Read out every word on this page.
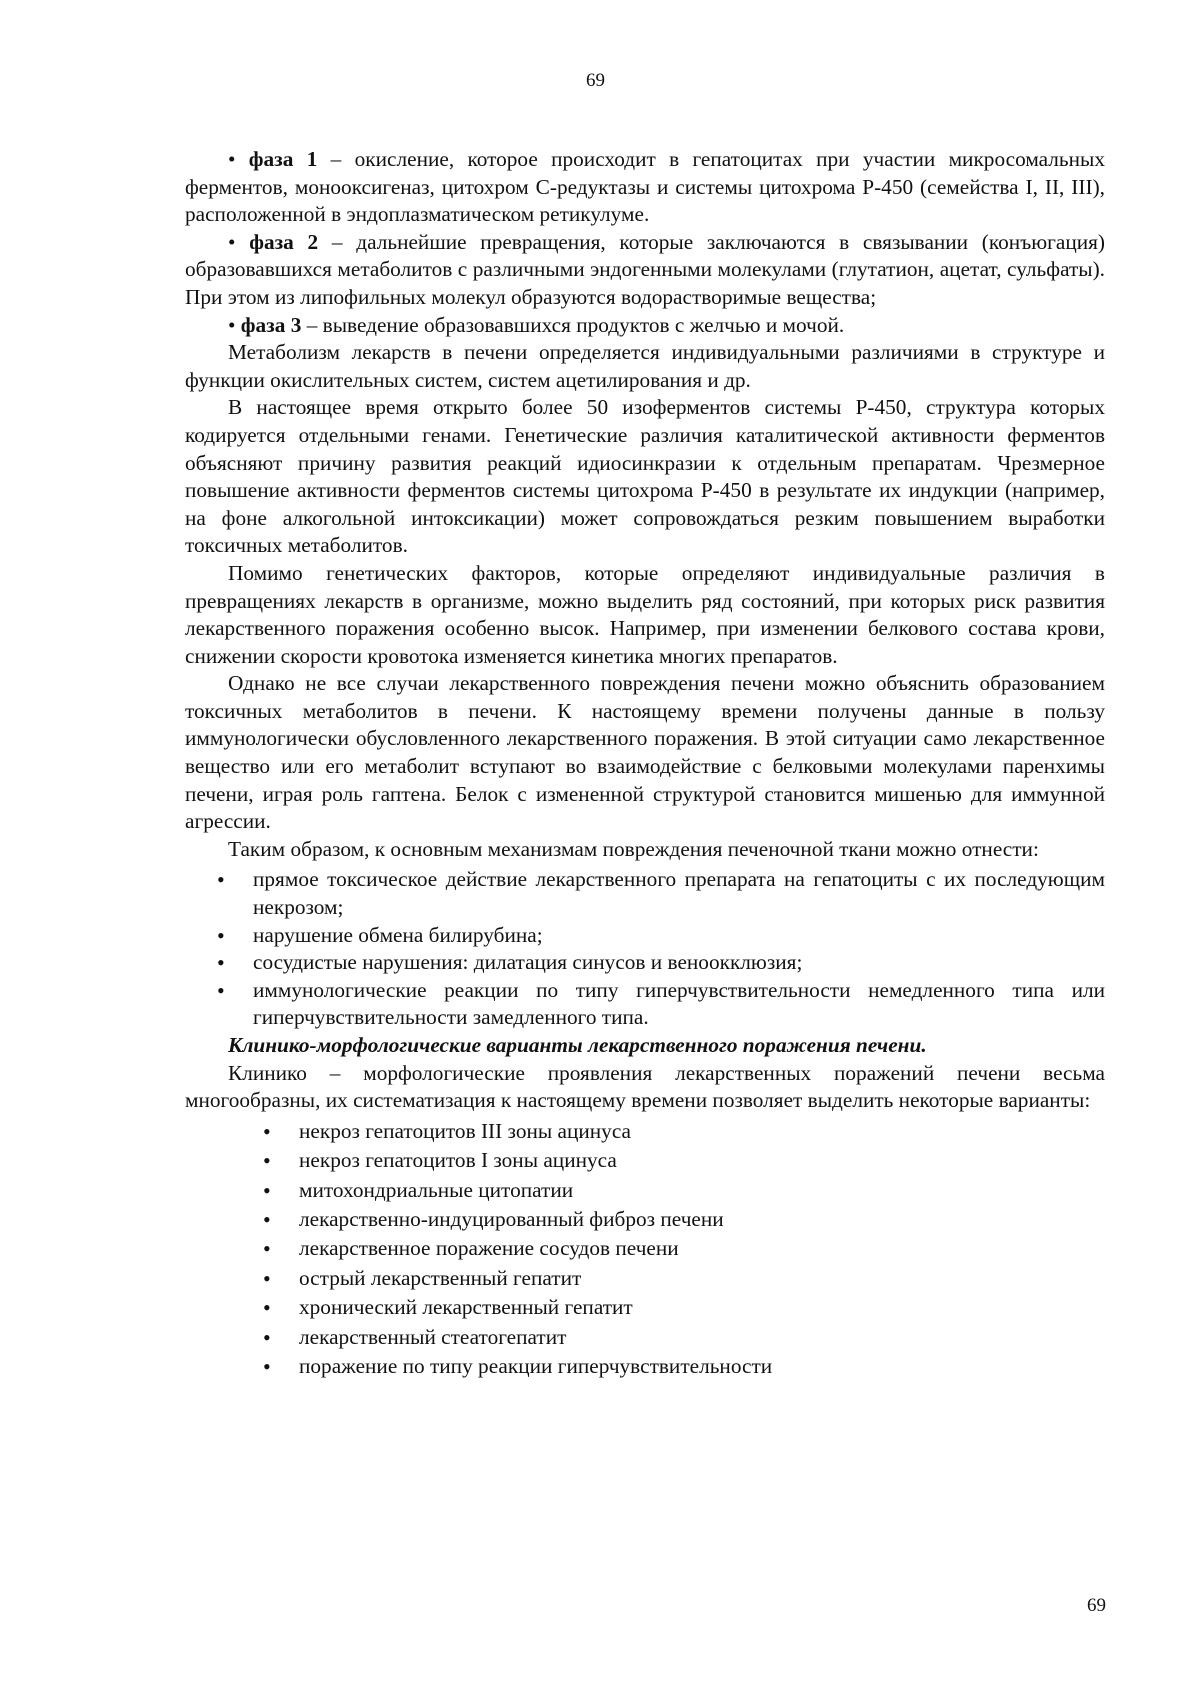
69

• фаза 1 – окисление, которое происходит в гепатоцитах при участии микросомальных ферментов, монооксигеназ, цитохром С-редуктазы и системы цитохрома Р-450 (семейства I, II, III), расположенной в эндоплазматическом ретикулуме.

• фаза 2 – дальнейшие превращения, которые заключаются в связывании (конъюгация) образовавшихся метаболитов с различными эндогенными молекулами (глутатион, ацетат, сульфаты). При этом из липофильных молекул образуются водорастворимые вещества;

• фаза 3 – выведение образовавшихся продуктов с желчью и мочой.

Метаболизм лекарств в печени определяется индивидуальными различиями в структуре и функции окислительных систем, систем ацетилирования и др.

В настоящее время открыто более 50 изоферментов системы Р-450, структура которых кодируется отдельными генами. Генетические различия каталитической активности ферментов объясняют причину развития реакций идиосинкразии к отдельным препаратам. Чрезмерное повышение активности ферментов системы цитохрома Р-450 в результате их индукции (например, на фоне алкогольной интоксикации) может сопровождаться резким повышением выработки токсичных метаболитов.

Помимо генетических факторов, которые определяют индивидуальные различия в превращениях лекарств в организме, можно выделить ряд состояний, при которых риск развития лекарственного поражения особенно высок. Например, при изменении белкового состава крови, снижении скорости кровотока изменяется кинетика многих препаратов.

Однако не все случаи лекарственного повреждения печени можно объяснить образованием токсичных метаболитов в печени. К настоящему времени получены данные в пользу иммунологически обусловленного лекарственного поражения. В этой ситуации само лекарственное вещество или его метаболит вступают во взаимодействие с белковыми молекулами паренхимы печени, играя роль гаптена. Белок с измененной структурой становится мишенью для иммунной агрессии.

Таким образом, к основным механизмам повреждения печеночной ткани можно отнести:

• прямое токсическое действие лекарственного препарата на гепатоциты с их последующим некрозом;
• нарушение обмена билирубина;
• сосудистые нарушения: дилатация синусов и веноокклюзия;
• иммунологические реакции по типу гиперчувствительности немедленного типа или гиперчувствительности замедленного типа.

Клинико-морфологические варианты лекарственного поражения печени.

Клинико – морфологические проявления лекарственных поражений печени весьма многообразны, их систематизация к настоящему времени позволяет выделить некоторые варианты:

• некроз гепатоцитов III зоны ацинуса
• некроз гепатоцитов I зоны ацинуса
• митохондриальные цитопатии
• лекарственно-индуцированный фиброз печени
• лекарственное поражение сосудов печени
• острый лекарственный гепатит
• хронический лекарственный гепатит
• лекарственный стеатогепатит
• поражение по типу реакции гиперчувствительности
69
